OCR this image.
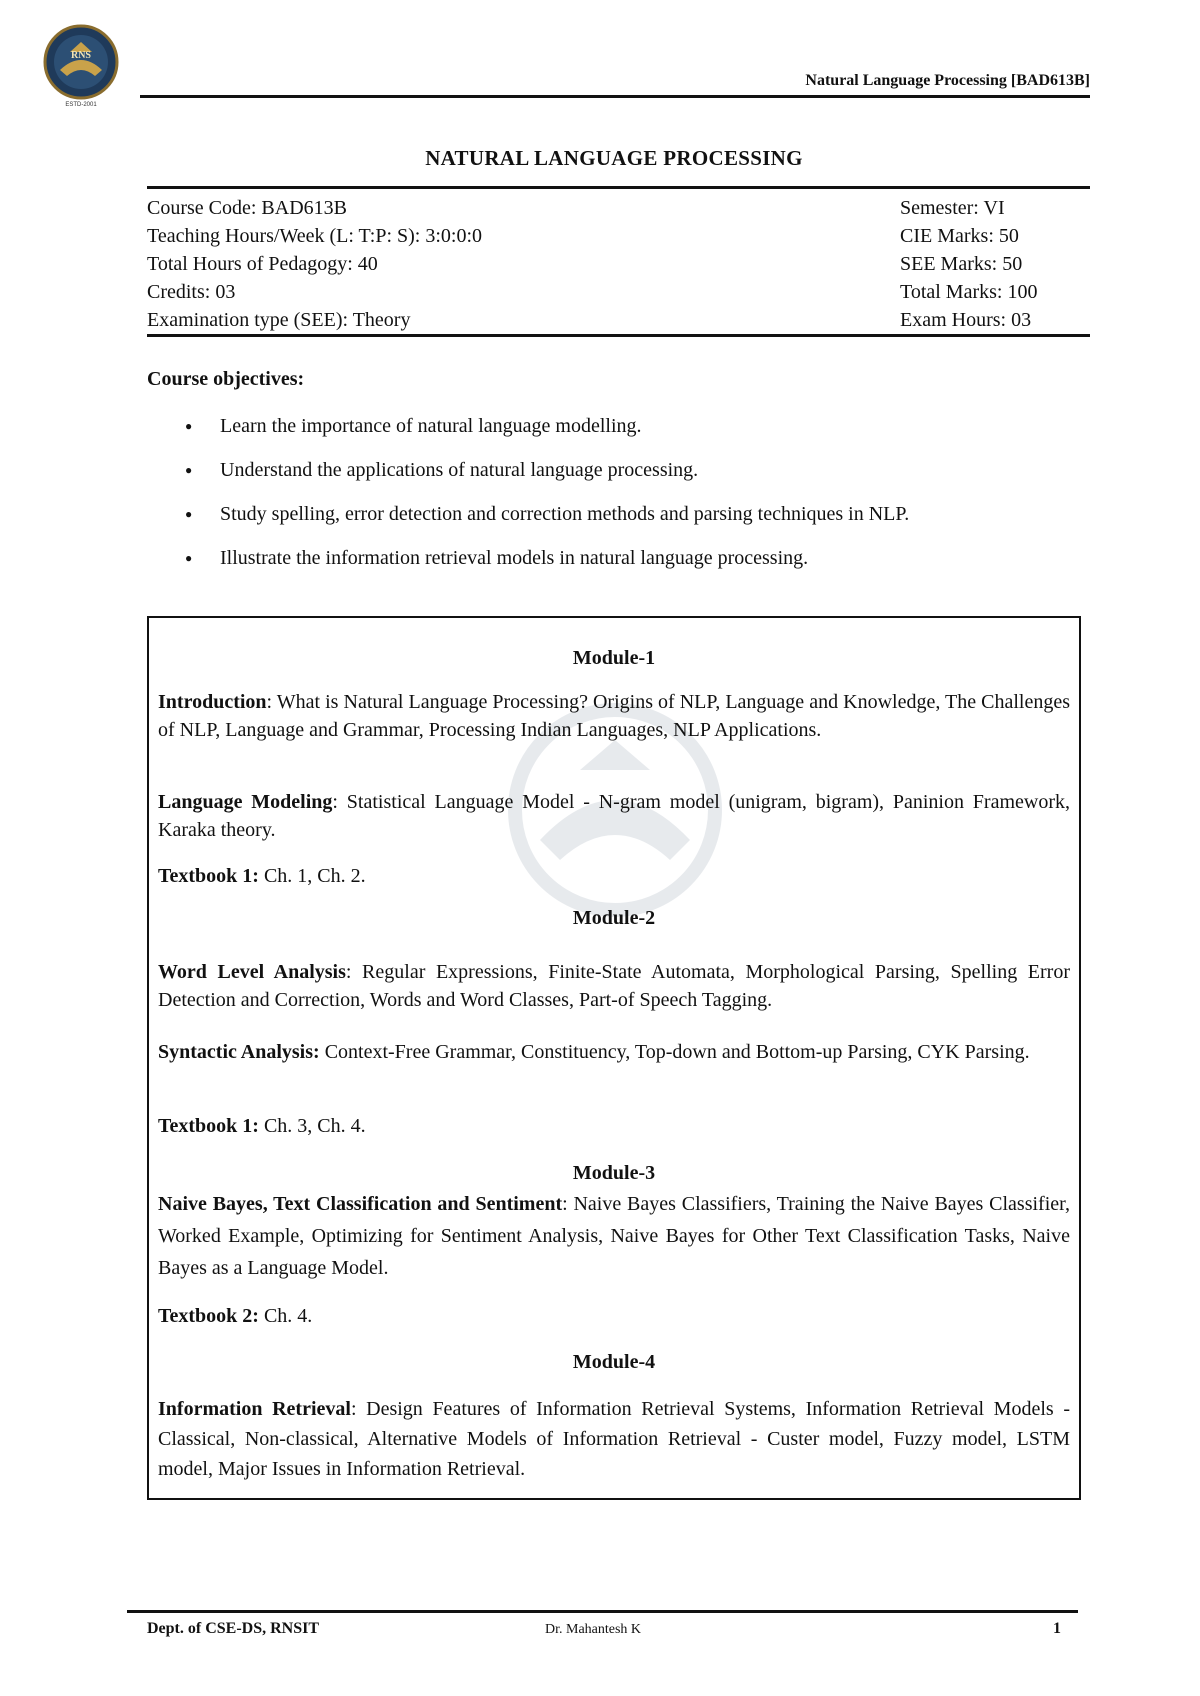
RNS
ESTD-2001
Natural Language Processing [BAD613B]
NATURAL LANGUAGE PROCESSING
Course Code: BAD613B
Teaching Hours/Week (L: T:P: S): 3:0:0:0
Total Hours of Pedagogy: 40
Credits: 03
Examination type (SEE): Theory
Semester: VI
CIE Marks: 50
SEE Marks: 50
Total Marks: 100
Exam Hours: 03
Course objectives:
● Learn the importance of natural language modelling.
● Understand the applications of natural language processing.
● Study spelling, error detection and correction methods and parsing techniques in NLP.
● Illustrate the information retrieval models in natural language processing.
Module-1
Introduction: What is Natural Language Processing? Origins of NLP, Language and Knowledge, The Challenges of NLP, Language and Grammar, Processing Indian Languages, NLP Applications.
Language Modeling: Statistical Language Model - N-gram model (unigram, bigram), Paninion Framework, Karaka theory.
Textbook 1: Ch. 1, Ch. 2.
Module-2
Word Level Analysis: Regular Expressions, Finite-State Automata, Morphological Parsing, Spelling Error Detection and Correction, Words and Word Classes, Part-of Speech Tagging.
Syntactic Analysis: Context-Free Grammar, Constituency, Top-down and Bottom-up Parsing, CYK Parsing.
Textbook 1: Ch. 3, Ch. 4.
Module-3
Naive Bayes, Text Classification and Sentiment: Naive Bayes Classifiers, Training the Naive Bayes Classifier, Worked Example, Optimizing for Sentiment Analysis, Naive Bayes for Other Text Classification Tasks, Naive Bayes as a Language Model.
Textbook 2: Ch. 4.
Module-4
Information Retrieval: Design Features of Information Retrieval Systems, Information Retrieval Models - Classical, Non-classical, Alternative Models of Information Retrieval - Custer model, Fuzzy model, LSTM model, Major Issues in Information Retrieval.
Dept. of CSE-DS, RNSIT	Dr. Mahantesh K	1
